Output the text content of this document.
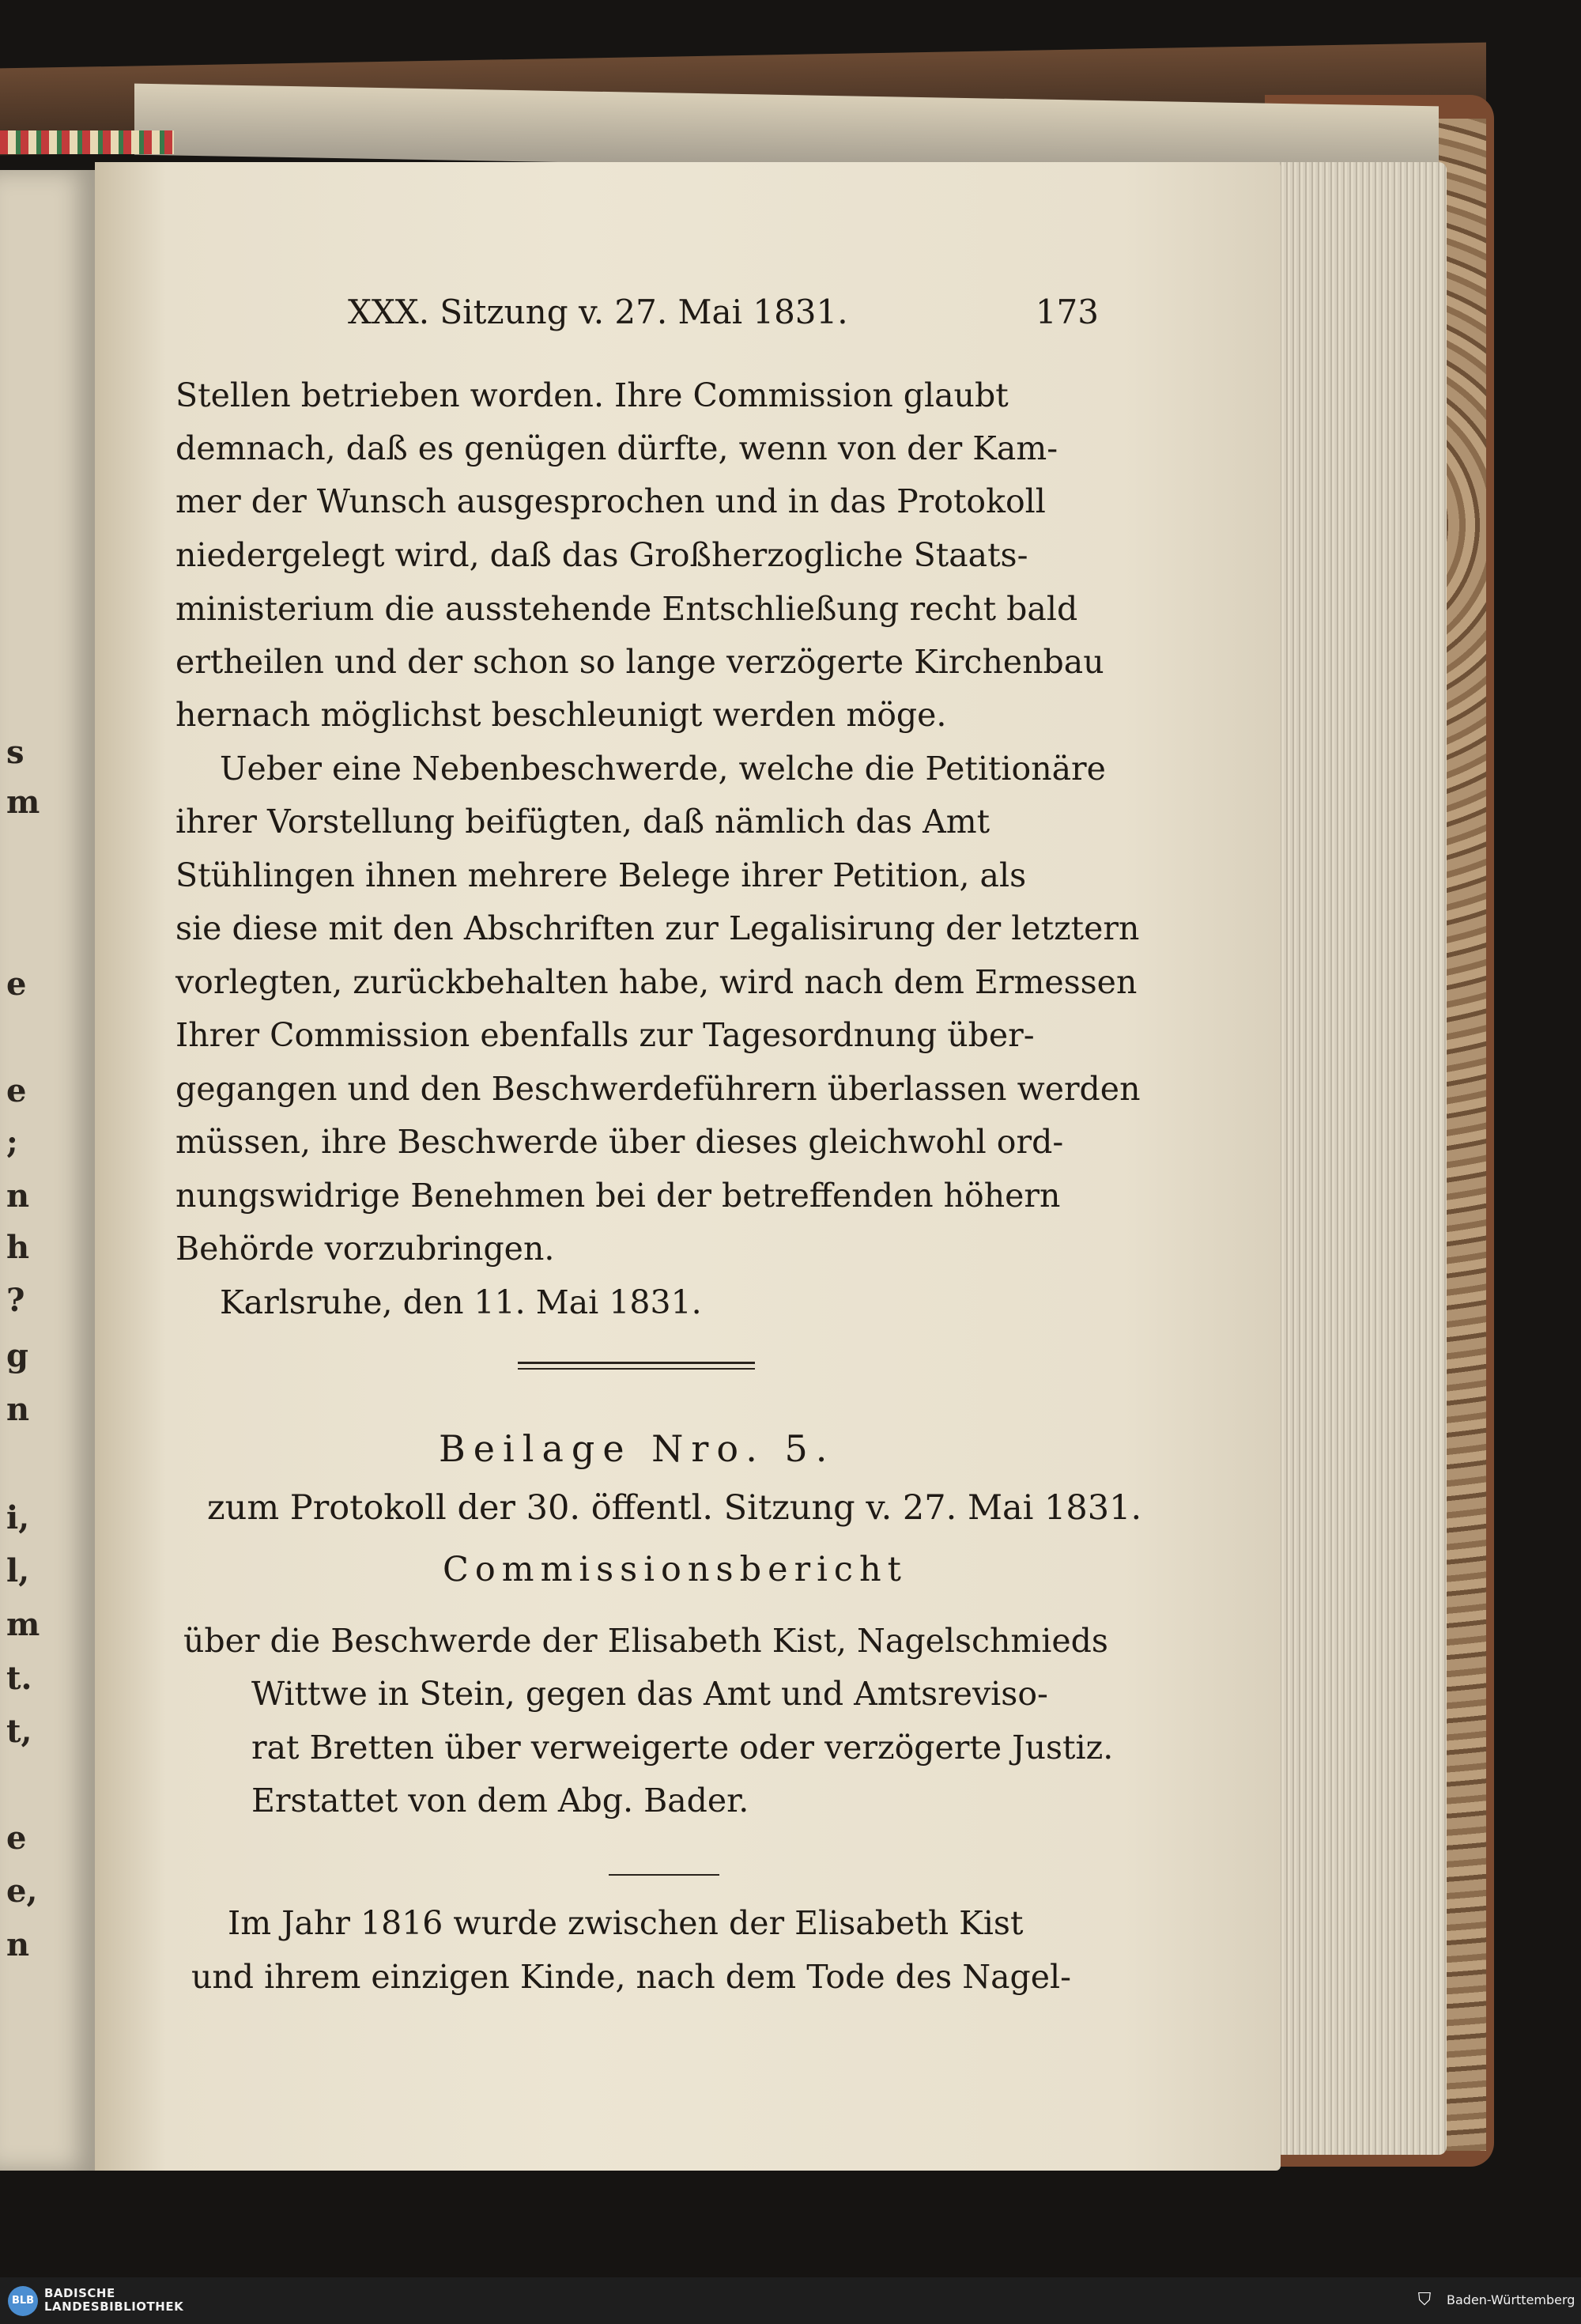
s
m
e
e
;
n
h
?
g
n
i,
l,
m
t.
t,
e
e,
n
XXX. Sitzung v. 27. Mai 1831.	173
Stellen betrieben worden. Ihre Commission glaubt
demnach, daß es genügen dürfte, wenn von der Kam-
mer der Wunsch ausgesprochen und in das Protokoll
niedergelegt wird, daß das Großherzogliche Staats-
ministerium die ausstehende Entschließung recht bald
ertheilen und der schon so lange verzögerte Kirchenbau
hernach möglichst beschleunigt werden möge.
Ueber eine Nebenbeschwerde, welche die Petitionäre
ihrer Vorstellung beifügten, daß nämlich das Amt
Stühlingen ihnen mehrere Belege ihrer Petition, als
sie diese mit den Abschriften zur Legalisirung der letztern
vorlegten, zurückbehalten habe, wird nach dem Ermessen
Ihrer Commission ebenfalls zur Tagesordnung über-
gegangen und den Beschwerdeführern überlassen werden
müssen, ihre Beschwerde über dieses gleichwohl ord-
nungswidrige Benehmen bei der betreffenden höhern
Behörde vorzubringen.
Karlsruhe, den 11. Mai 1831.
Beilage Nro. 5.
zum Protokoll der 30. öffentl. Sitzung v. 27. Mai 1831.
Commissionsbericht
über die Beschwerde der Elisabeth Kist, Nagelschmieds
Wittwe in Stein, gegen das Amt und Amtsreviso-
rat Bretten über verweigerte oder verzögerte Justiz.
Erstattet von dem Abg. Bader.
Im Jahr 1816 wurde zwischen der Elisabeth Kist
und ihrem einzigen Kinde, nach dem Tode des Nagel-
BLB
BADISCHE
LANDESBIBLIOTHEK	⛉	Baden-Württemberg
